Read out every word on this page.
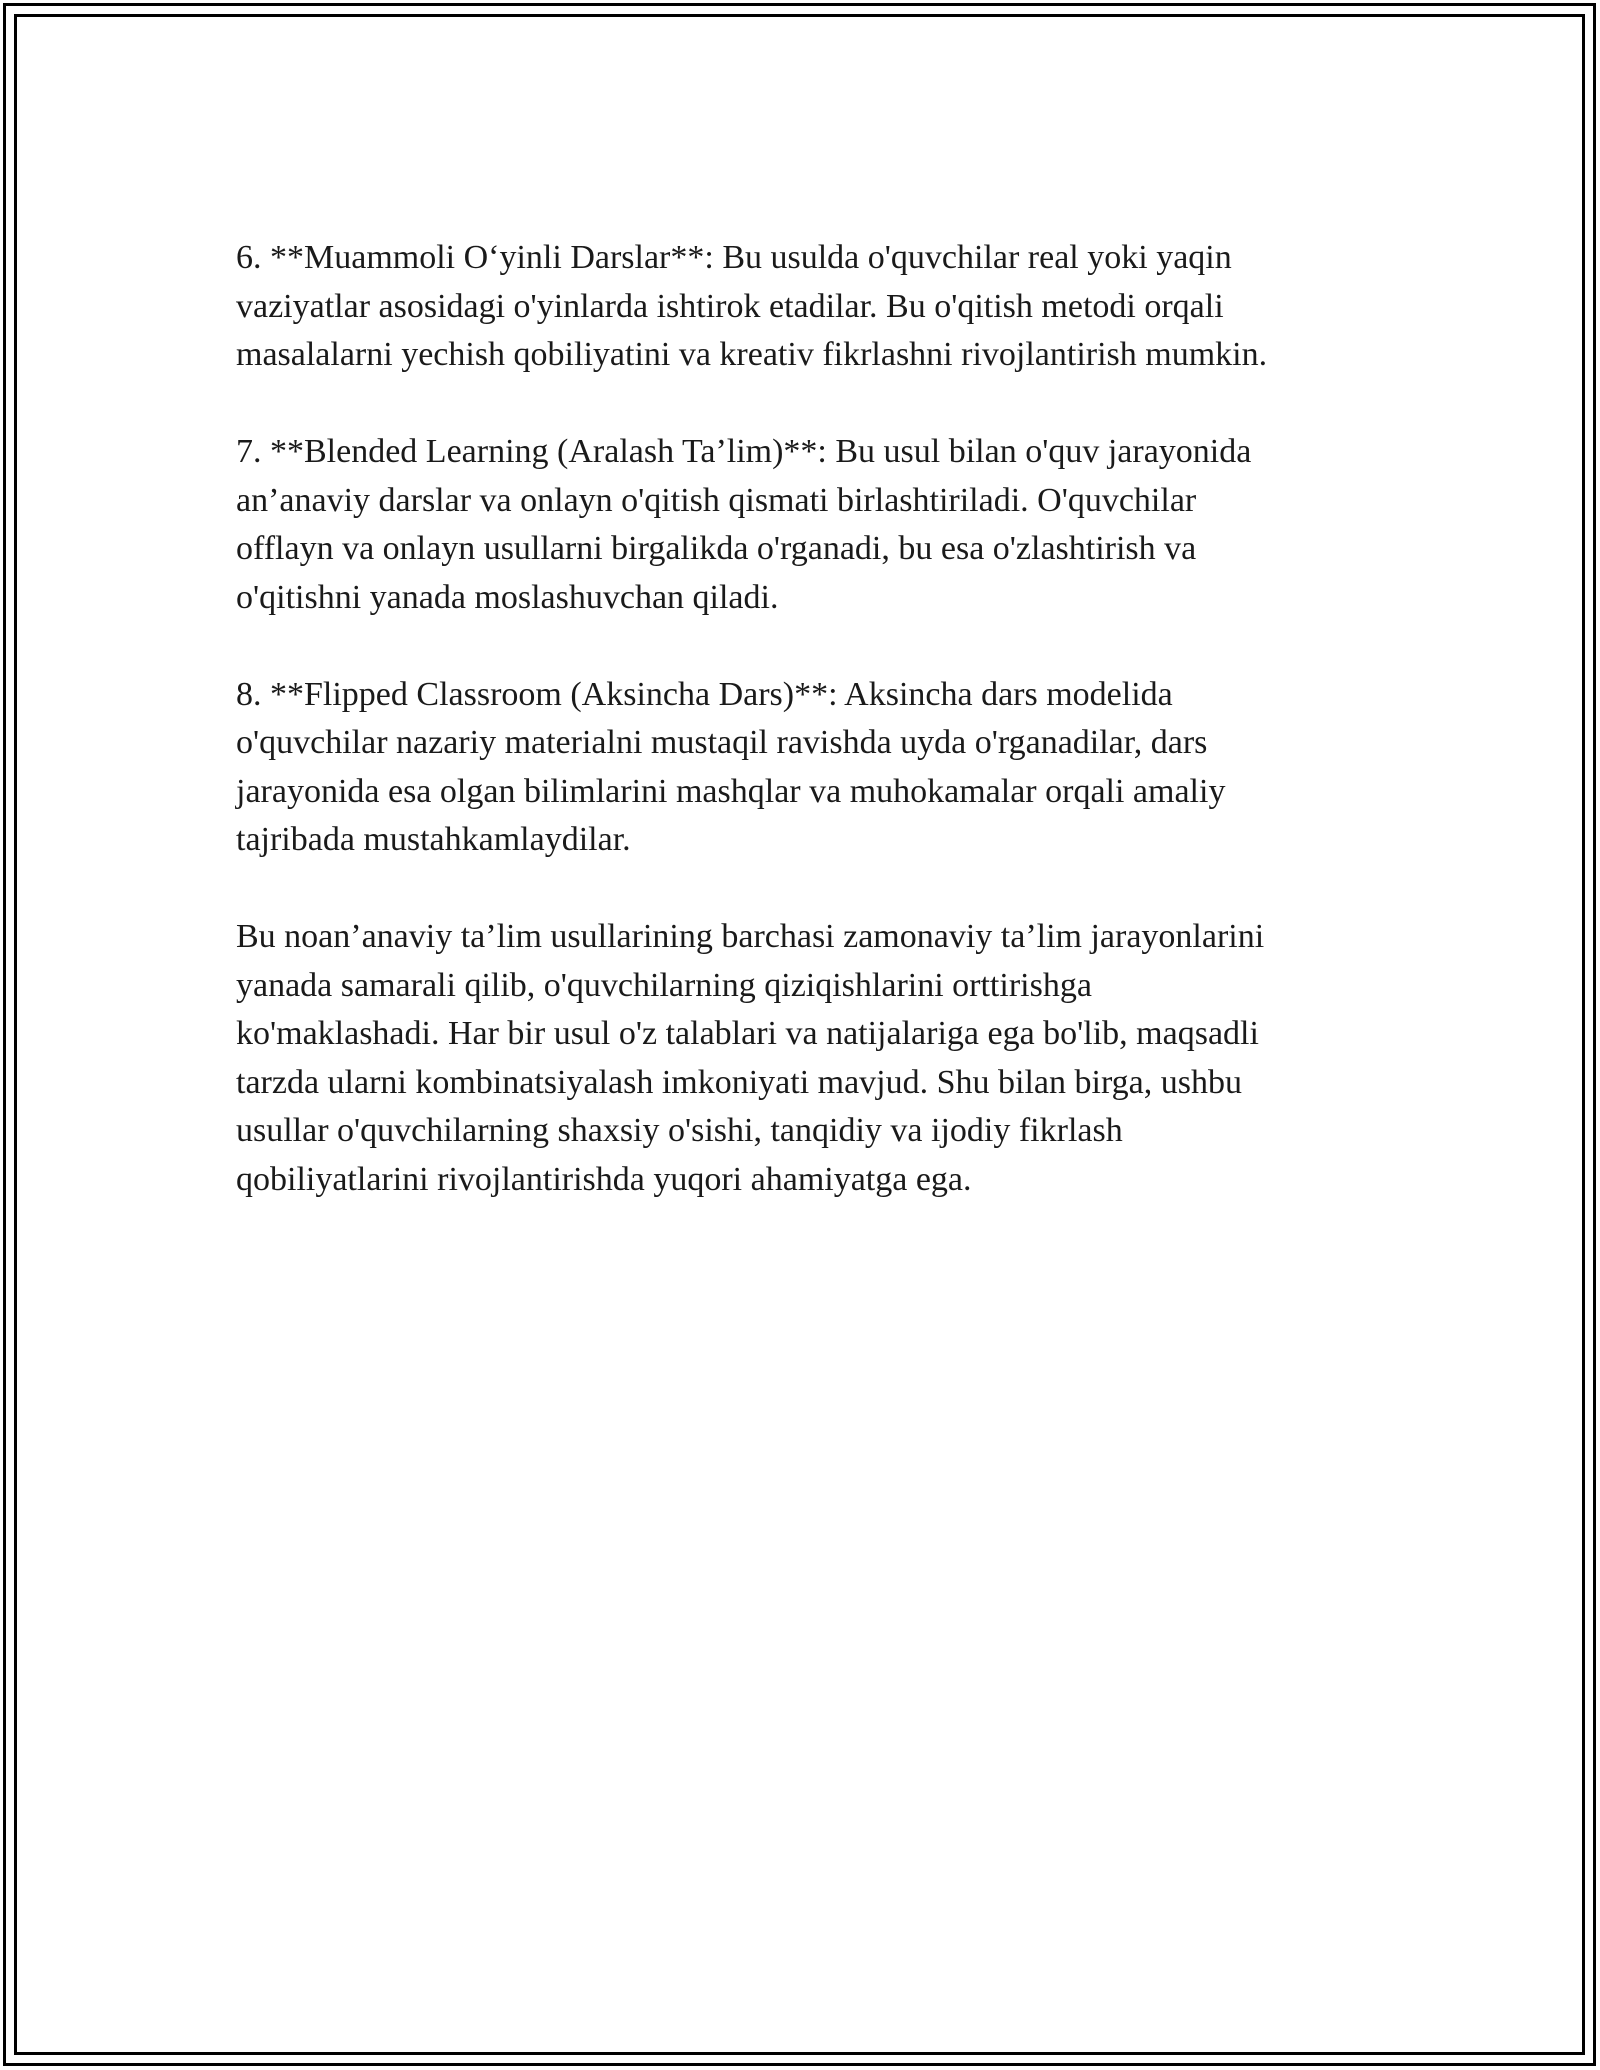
6. **Muammoli O‘yinli Darslar**: Bu usulda o'quvchilar real yoki yaqin
vaziyatlar asosidagi o'yinlarda ishtirok etadilar. Bu o'qitish metodi orqali
masalalarni yechish qobiliyatini va kreativ fikrlashni rivojlantirish mumkin.

7. **Blended Learning (Aralash Ta’lim)**: Bu usul bilan o'quv jarayonida
an’anaviy darslar va onlayn o'qitish qismati birlashtiriladi. O'quvchilar
offlayn va onlayn usullarni birgalikda o'rganadi, bu esa o'zlashtirish va
o'qitishni yanada moslashuvchan qiladi.

8. **Flipped Classroom (Aksincha Dars)**: Aksincha dars modelida
o'quvchilar nazariy materialni mustaqil ravishda uyda o'rganadilar, dars
jarayonida esa olgan bilimlarini mashqlar va muhokamalar orqali amaliy
tajribada mustahkamlaydilar.

Bu noan’anaviy ta’lim usullarining barchasi zamonaviy ta’lim jarayonlarini
yanada samarali qilib, o'quvchilarning qiziqishlarini orttirishga
ko'maklashadi. Har bir usul o'z talablari va natijalariga ega bo'lib, maqsadli
tarzda ularni kombinatsiyalash imkoniyati mavjud. Shu bilan birga, ushbu
usullar o'quvchilarning shaxsiy o'sishi, tanqidiy va ijodiy fikrlash
qobiliyatlarini rivojlantirishda yuqori ahamiyatga ega.
